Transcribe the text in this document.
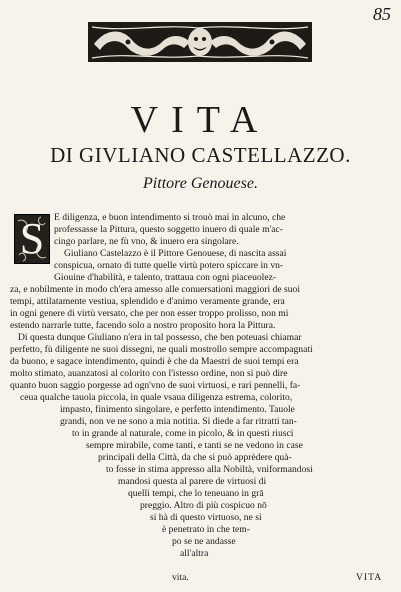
85
VITA
DI GIVLIANO CASTELLAZZO.
Pittore Genouese.
S	E diligenza, e buon intendimento si trouò mai in alcuno, che
professasse la Pittura, questo soggetto inuero di quale m'ac-
cingo parlare, ne fù vno, & inuero era singolare.
Giuliano Castelazzo è il Pittore Genouese, di nascita assai
conspicua, ornato di tutte quelle virtù potero spiccare in vn-
Giouine d'habilità, e talento, trattaua con ogni piaceuolez-
za, e nobilmente in modo ch'era amesso alle conuersationi maggiori de suoi
tempi, attilatamente vestiua, splendido e d'animo veramente grande, era
in ogni genere di virtù versato, che per non esser troppo prolisso, non mi
estendo narrarle tutte, facendo solo a nostro proposito hora la Pittura.
Di questa dunque Giuliano n'era in tal possesso, che ben poteuasi chiamar
perfetto, fù diligente ne suoi dissegni, ne quali mostrollo sempre accompagnati
da buono, e sagace intendimento, quindi è che da Maestri de suoi tempi era
molto stimato, auanzatosi al colorito con l'istesso ordine, non si può dire
quanto buon saggio porgesse ad ogn'vno de suoi virtuosi, e rari pennelli, fa-
ceua qualche tauola piccola, in quale vsaua diligenza estrema, colorito,
impasto, finimento singolare, e perfetto intendimento. Tauole
grandi, non ve ne sono a mia notitia. Si diede a far ritratti tan-
to in grande al naturale, come in picolo, & in questi riusci
sempre mirabile, come tanti, e tanti se ne vedono in case
principali della Città, da che si può apprèdere quà-
to fosse in stima appresso alla Nobiltà, vniformandosi
mandosi questa al parere de virtuosi di
quelli tempi, che lo teneuano in grā
preggio. Altro di più cospicuo nō
si hà di questo virtuoso, ne si
è penetrato in che tem-
po se ne andasse
all'altra
vita.	VITA
